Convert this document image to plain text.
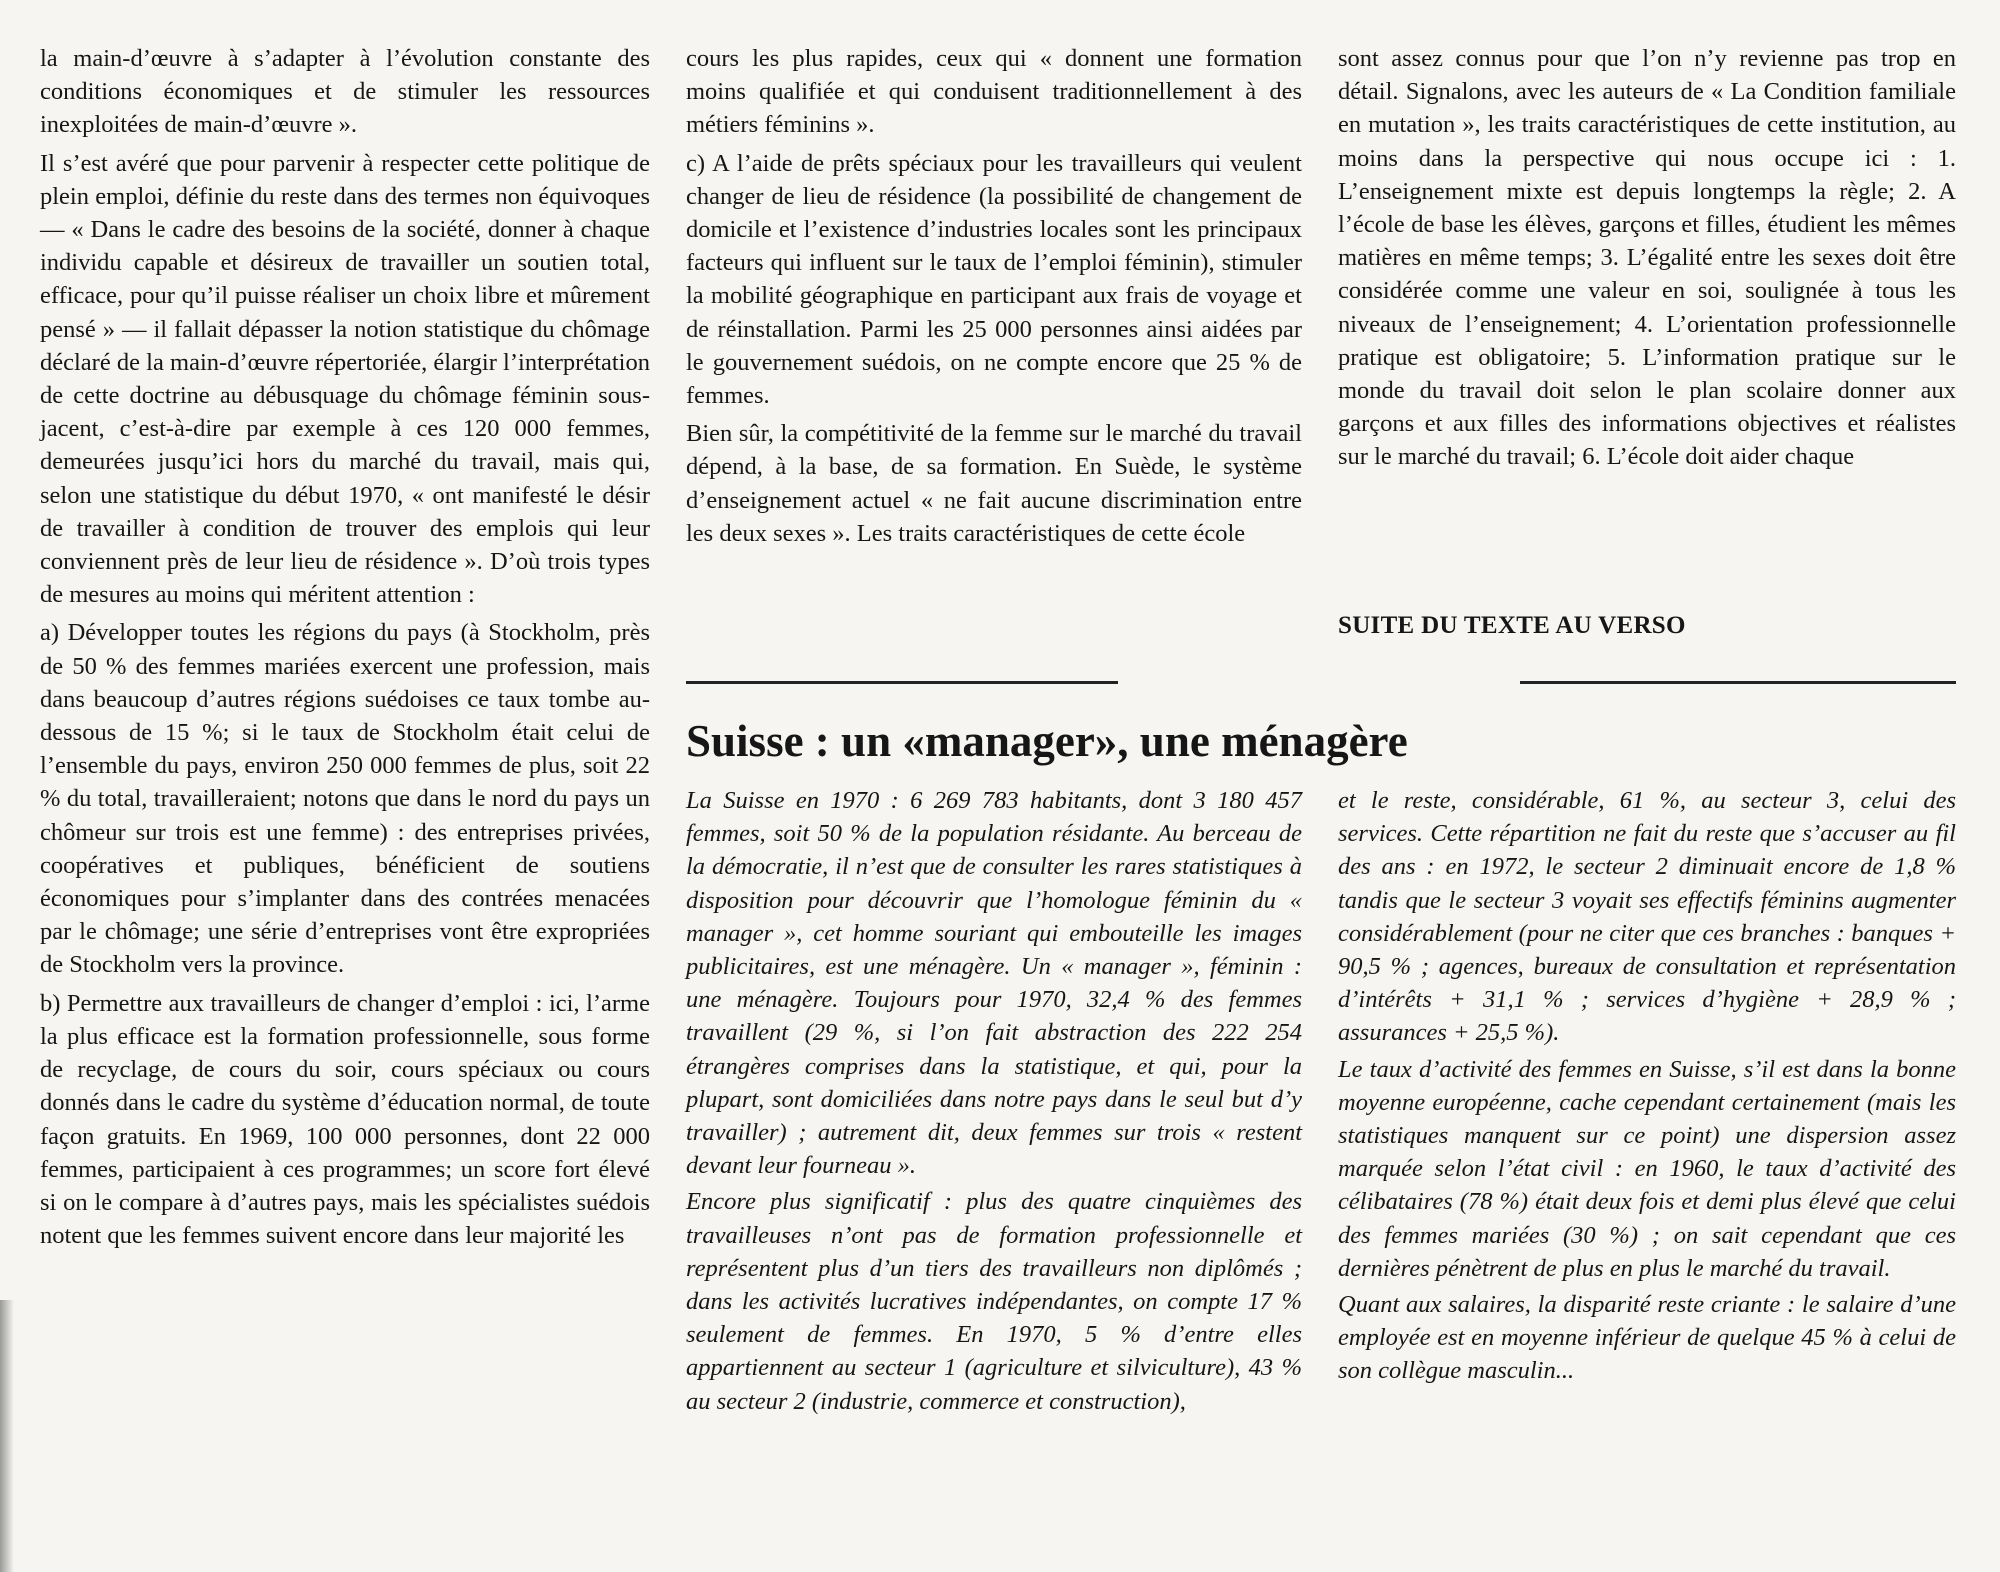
la main-d’œuvre à s’adapter à l’évolution constante des conditions économiques et de stimuler les ressources inexploitées de main-d’œuvre ».

Il s’est avéré que pour parvenir à respecter cette politique de plein emploi, définie du reste dans des termes non équivoques — « Dans le cadre des besoins de la société, donner à chaque individu capable et désireux de travailler un soutien total, efficace, pour qu’il puisse réaliser un choix libre et mûrement pensé » — il fallait dépasser la notion statistique du chômage déclaré de la main-d’œuvre répertoriée, élargir l’interprétation de cette doctrine au débusquage du chômage féminin sous-jacent, c’est-à-dire par exemple à ces 120 000 femmes, demeurées jusqu’ici hors du marché du travail, mais qui, selon une statistique du début 1970, « ont manifesté le désir de travailler à condition de trouver des emplois qui leur conviennent près de leur lieu de résidence ». D’où trois types de mesures au moins qui méritent attention :

a) Développer toutes les régions du pays (à Stockholm, près de 50 % des femmes mariées exercent une profession, mais dans beaucoup d’autres régions suédoises ce taux tombe au-dessous de 15 %; si le taux de Stockholm était celui de l’ensemble du pays, environ 250 000 femmes de plus, soit 22 % du total, travailleraient; notons que dans le nord du pays un chômeur sur trois est une femme) : des entreprises privées, coopératives et publiques, bénéficient de soutiens économiques pour s’implanter dans des contrées menacées par le chômage; une série d’entreprises vont être expropriées de Stockholm vers la province.

b) Permettre aux travailleurs de changer d’emploi : ici, l’arme la plus efficace est la formation professionnelle, sous forme de recyclage, de cours du soir, cours spéciaux ou cours donnés dans le cadre du système d’éducation normal, de toute façon gratuits. En 1969, 100 000 personnes, dont 22 000 femmes, participaient à ces programmes; un score fort élevé si on le compare à d’autres pays, mais les spécialistes suédois notent que les femmes suivent encore dans leur majorité les

cours les plus rapides, ceux qui « donnent une formation moins qualifiée et qui conduisent traditionnellement à des métiers féminins ».

c) A l’aide de prêts spéciaux pour les travailleurs qui veulent changer de lieu de résidence (la possibilité de changement de domicile et l’existence d’industries locales sont les principaux facteurs qui influent sur le taux de l’emploi féminin), stimuler la mobilité géographique en participant aux frais de voyage et de réinstallation. Parmi les 25 000 personnes ainsi aidées par le gouvernement suédois, on ne compte encore que 25 % de femmes.

Bien sûr, la compétitivité de la femme sur le marché du travail dépend, à la base, de sa formation. En Suède, le système d’enseignement actuel « ne fait aucune discrimination entre les deux sexes ». Les traits caractéristiques de cette école

sont assez connus pour que l’on n’y revienne pas trop en détail. Signalons, avec les auteurs de « La Condition familiale en mutation », les traits caractéristiques de cette institution, au moins dans la perspective qui nous occupe ici : 1. L’enseignement mixte est depuis longtemps la règle; 2. A l’école de base les élèves, garçons et filles, étudient les mêmes matières en même temps; 3. L’égalité entre les sexes doit être considérée comme une valeur en soi, soulignée à tous les niveaux de l’enseignement; 4. L’orientation professionnelle pratique est obligatoire; 5. L’information pratique sur le monde du travail doit selon le plan scolaire donner aux garçons et aux filles des informations objectives et réalistes sur le marché du travail; 6. L’école doit aider chaque

SUITE DU TEXTE AU VERSO
Suisse : un «manager», une ménagère

La Suisse en 1970 : 6 269 783 habitants, dont 3 180 457 femmes, soit 50 % de la population résidante. Au berceau de la démocratie, il n’est que de consulter les rares statistiques à disposition pour découvrir que l’homologue féminin du « manager », cet homme souriant qui embouteille les images publicitaires, est une ménagère. Un « manager », féminin : une ménagère. Toujours pour 1970, 32,4 % des femmes travaillent (29 %, si l’on fait abstraction des 222 254 étrangères comprises dans la statistique, et qui, pour la plupart, sont domiciliées dans notre pays dans le seul but d’y travailler) ; autrement dit, deux femmes sur trois « restent devant leur fourneau ».

Encore plus significatif : plus des quatre cinquièmes des travailleuses n’ont pas de formation professionnelle et représentent plus d’un tiers des travailleurs non diplômés ; dans les activités lucratives indépendantes, on compte 17 % seulement de femmes. En 1970, 5 % d’entre elles appartiennent au secteur 1 (agriculture et silviculture), 43 % au secteur 2 (industrie, commerce et construction),

et le reste, considérable, 61 %, au secteur 3, celui des services. Cette répartition ne fait du reste que s’accuser au fil des ans : en 1972, le secteur 2 diminuait encore de 1,8 % tandis que le secteur 3 voyait ses effectifs féminins augmenter considérablement (pour ne citer que ces branches : banques + 90,5 % ; agences, bureaux de consultation et représentation d’intérêts + 31,1 % ; services d’hygiène + 28,9 % ; assurances + 25,5 %).

Le taux d’activité des femmes en Suisse, s’il est dans la bonne moyenne européenne, cache cependant certainement (mais les statistiques manquent sur ce point) une dispersion assez marquée selon l’état civil : en 1960, le taux d’activité des célibataires (78 %) était deux fois et demi plus élevé que celui des femmes mariées (30 %) ; on sait cependant que ces dernières pénètrent de plus en plus le marché du travail.

Quant aux salaires, la disparité reste criante : le salaire d’une employée est en moyenne inférieur de quelque 45 % à celui de son collègue masculin...
